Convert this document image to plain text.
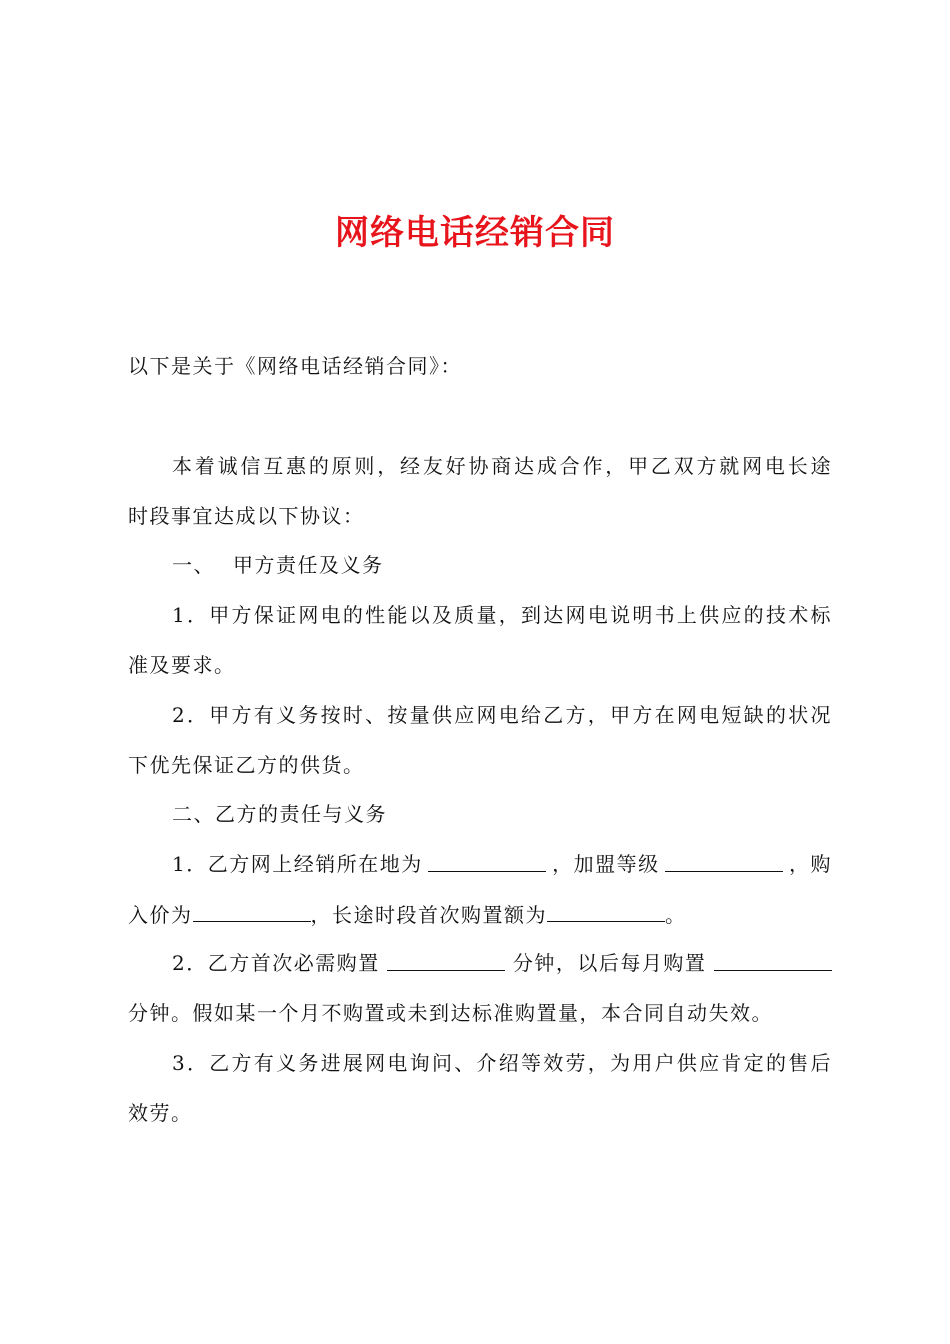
网络电话经销合同
以下是关于《网络电话经销合同》：
本着诚信互惠的原则，经友好协商达成合作，甲乙双方就网电长途
时段事宜达成以下协议：
一、 甲方责任及义务
1．甲方保证网电的性能以及质量，到达网电说明书上供应的技术标
准及要求。
2．甲方有义务按时、按量供应网电给乙方，甲方在网电短缺的状况
下优先保证乙方的供货。
二、乙方的责任与义务
1．乙方网上经销所在地为	，加盟等级	，购
入价为	，长途时段首次购置额为	。
2．乙方首次必需购置	分钟，以后每月购置
分钟。假如某一个月不购置或未到达标准购置量，本合同自动失效。
3．乙方有义务进展网电询问、介绍等效劳，为用户供应肯定的售后
效劳。
